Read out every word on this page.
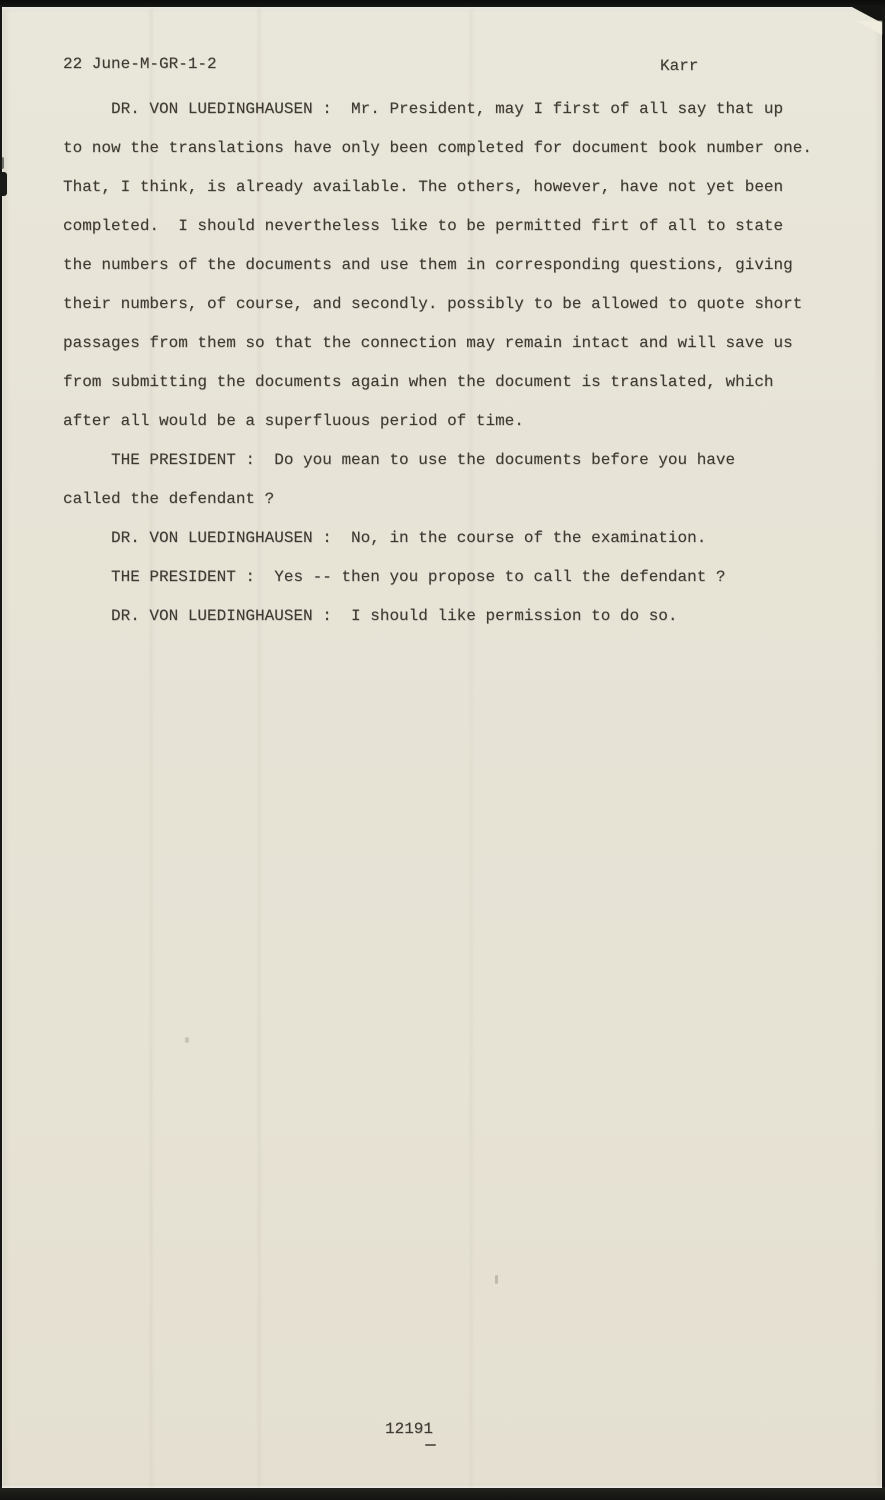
22 June-M-GR-1-2	Karr
DR. VON LUEDINGHAUSEN :  Mr. President, may I first of all say that up
to now the translations have only been completed for document book number one.
That, I think, is already available. The others, however, have not yet been
completed.  I should nevertheless like to be permitted firt of all to state
the numbers of the documents and use them in corresponding questions, giving
their numbers, of course, and secondly. possibly to be allowed to quote short
passages from them so that the connection may remain intact and will save us
from submitting the documents again when the document is translated, which
after all would be a superfluous period of time.
THE PRESIDENT :  Do you mean to use the documents before you have
called the defendant ?
DR. VON LUEDINGHAUSEN :  No, in the course of the examination.
THE PRESIDENT :  Yes -- then you propose to call the defendant ?
DR. VON LUEDINGHAUSEN :  I should like permission to do so.
12191
